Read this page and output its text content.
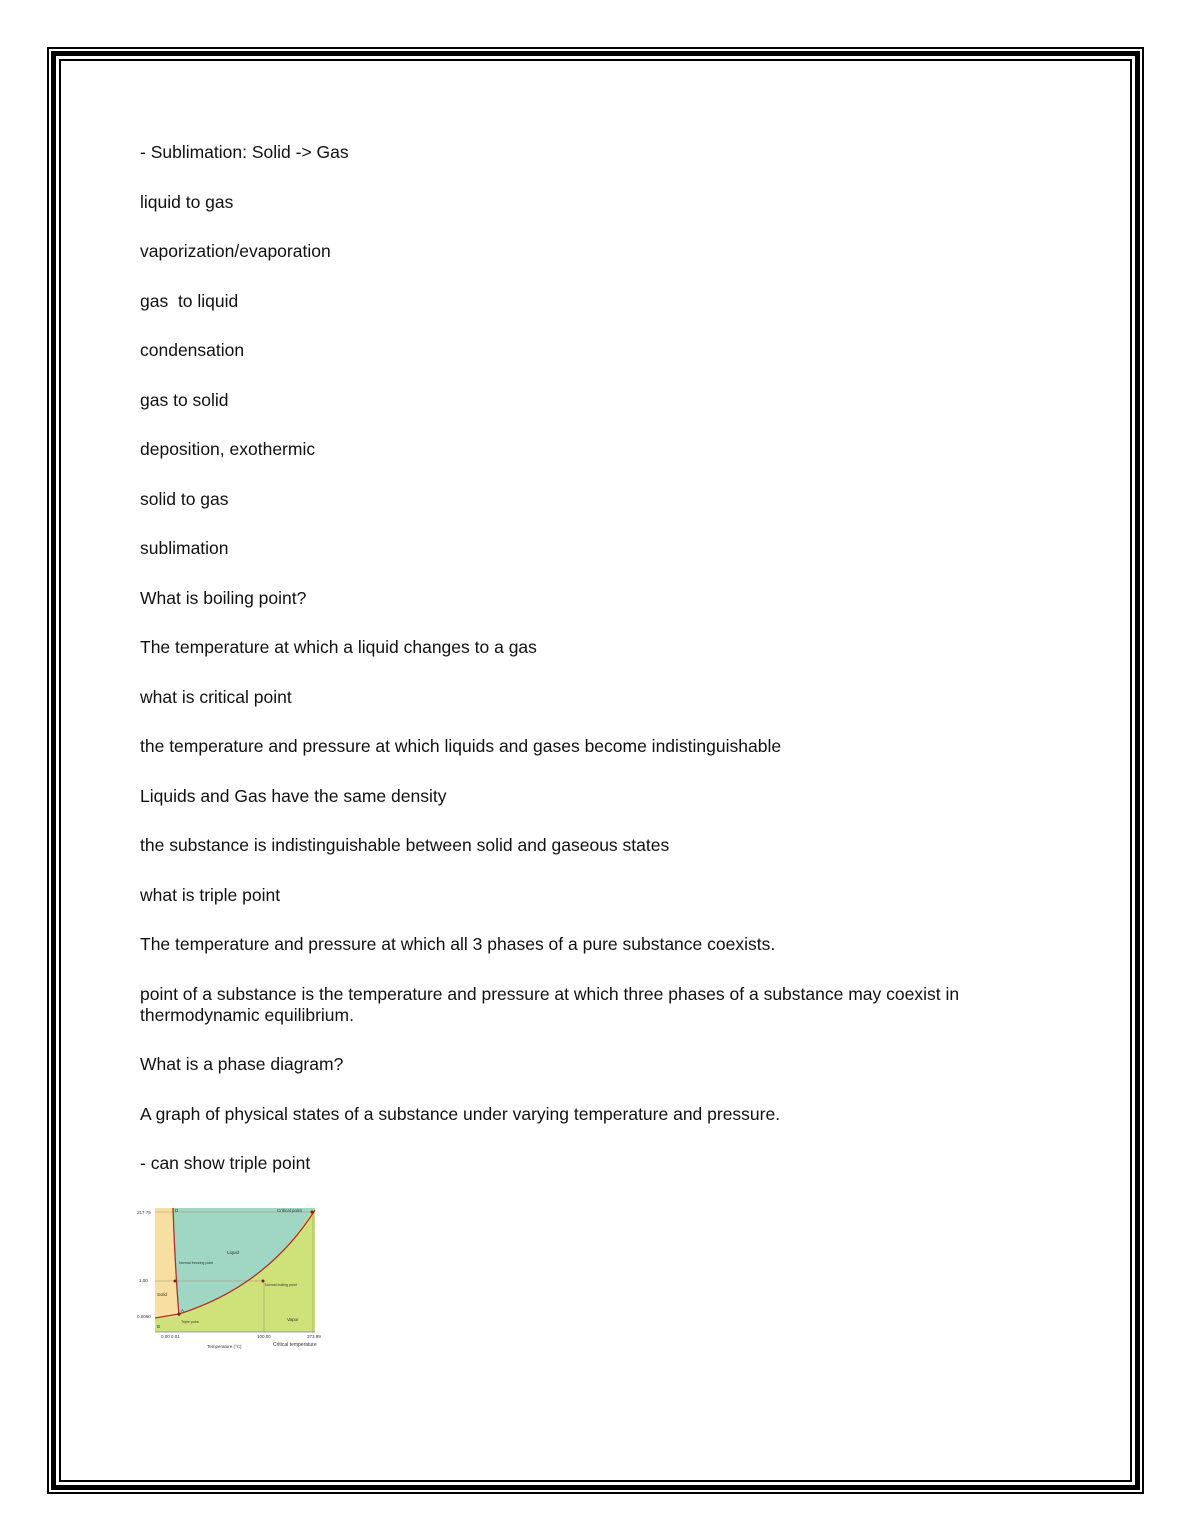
- Sublimation: Solid -> Gas

liquid to gas

vaporization/evaporation

gas  to liquid

condensation

gas to solid

deposition, exothermic

solid to gas

sublimation

What is boiling point?

The temperature at which a liquid changes to a gas

what is critical point

the temperature and pressure at which liquids and gases become indistinguishable

Liquids and Gas have the same density

the substance is indistinguishable between solid and gaseous states

what is triple point

The temperature and pressure at which all 3 phases of a pure substance coexists.

point of a substance is the temperature and pressure at which three phases of a substance may coexist in thermodynamic equilibrium.

What is a phase diagram?

A graph of physical states of a substance under varying temperature and pressure.

- can show triple point

Critical point
Liquid
Solid
Vapor
Normal freezing point
Normal boiling point
Triple point
217.75
1.00
0.0060
0.00 0.01	100.00	373.99
Critical temperature
Temperature (°C)
A
B
D
